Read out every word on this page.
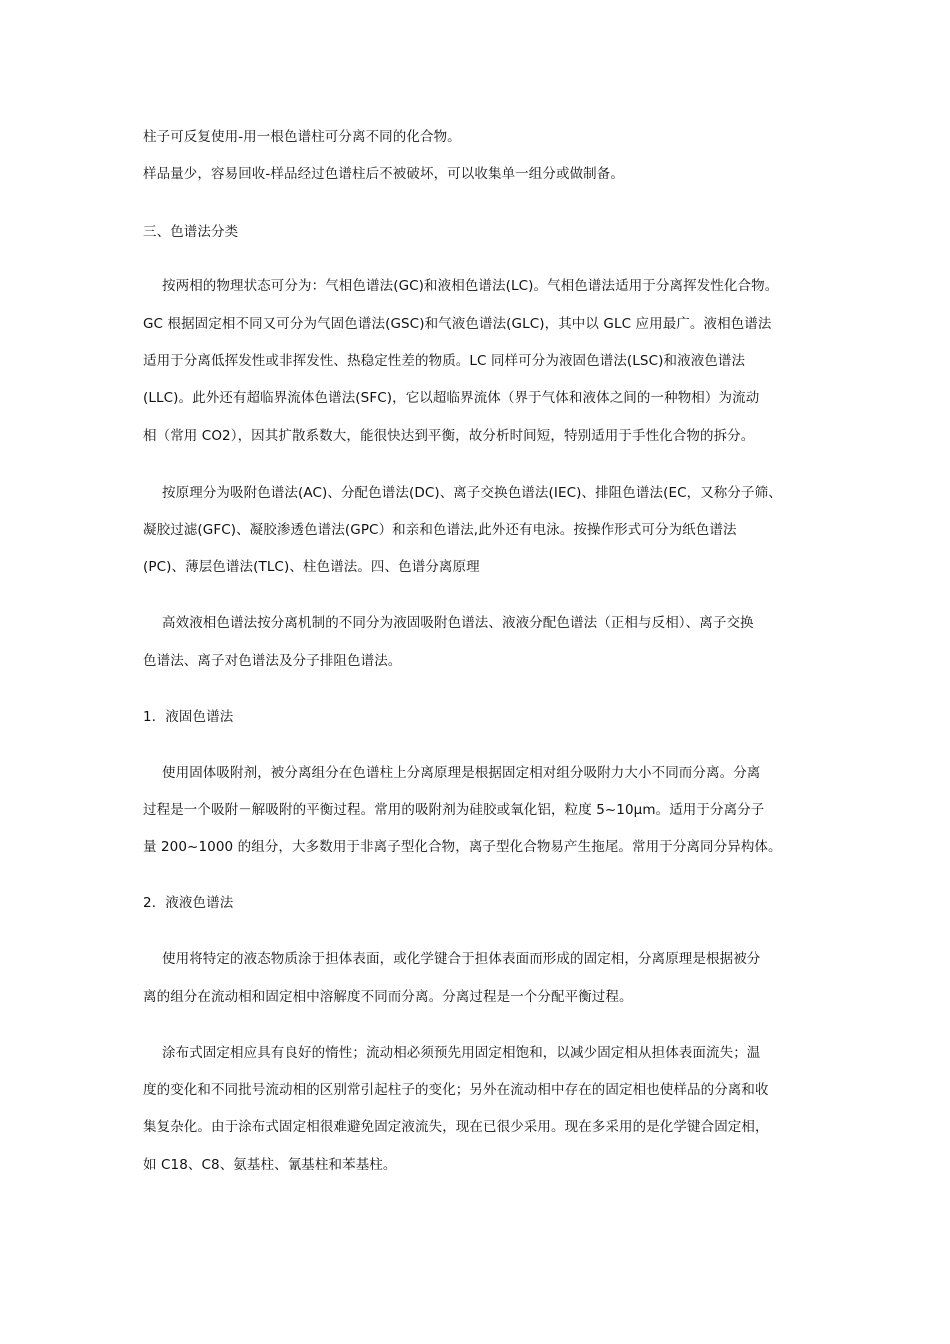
柱子可反复使用-用一根色谱柱可分离不同的化合物。
样品量少，容易回收-样品经过色谱柱后不被破坏，可以收集单一组分或做制备。
三、色谱法分类
按两相的物理状态可分为：气相色谱法(GC)和液相色谱法(LC)。气相色谱法适用于分离挥发性化合物。
GC 根据固定相不同又可分为气固色谱法(GSC)和气液色谱法(GLC)，其中以 GLC 应用最广。液相色谱法
适用于分离低挥发性或非挥发性、热稳定性差的物质。LC 同样可分为液固色谱法(LSC)和液液色谱法
(LLC)。此外还有超临界流体色谱法(SFC)，它以超临界流体（界于气体和液体之间的一种物相）为流动
相（常用 CO2），因其扩散系数大，能很快达到平衡，故分析时间短，特别适用于手性化合物的拆分。
按原理分为吸附色谱法(AC)、分配色谱法(DC)、离子交换色谱法(IEC)、排阻色谱法(EC，又称分子筛、
凝胶过滤(GFC)、凝胶渗透色谱法(GPC）和亲和色谱法,此外还有电泳。按操作形式可分为纸色谱法
(PC)、薄层色谱法(TLC)、柱色谱法。四、色谱分离原理
高效液相色谱法按分离机制的不同分为液固吸附色谱法、液液分配色谱法（正相与反相）、离子交换
色谱法、离子对色谱法及分子排阻色谱法。
1．液固色谱法
使用固体吸附剂，被分离组分在色谱柱上分离原理是根据固定相对组分吸附力大小不同而分离。分离
过程是一个吸附－解吸附的平衡过程。常用的吸附剂为硅胶或氧化铝，粒度 5~10μm。适用于分离分子
量 200~1000 的组分，大多数用于非离子型化合物，离子型化合物易产生拖尾。常用于分离同分异构体。
2．液液色谱法
使用将特定的液态物质涂于担体表面，或化学键合于担体表面而形成的固定相，分离原理是根据被分
离的组分在流动相和固定相中溶解度不同而分离。分离过程是一个分配平衡过程。
涂布式固定相应具有良好的惰性；流动相必须预先用固定相饱和，以减少固定相从担体表面流失；温
度的变化和不同批号流动相的区别常引起柱子的变化；另外在流动相中存在的固定相也使样品的分离和收
集复杂化。由于涂布式固定相很难避免固定液流失，现在已很少采用。现在多采用的是化学键合固定相，
如 C18、C8、氨基柱、氰基柱和苯基柱。
